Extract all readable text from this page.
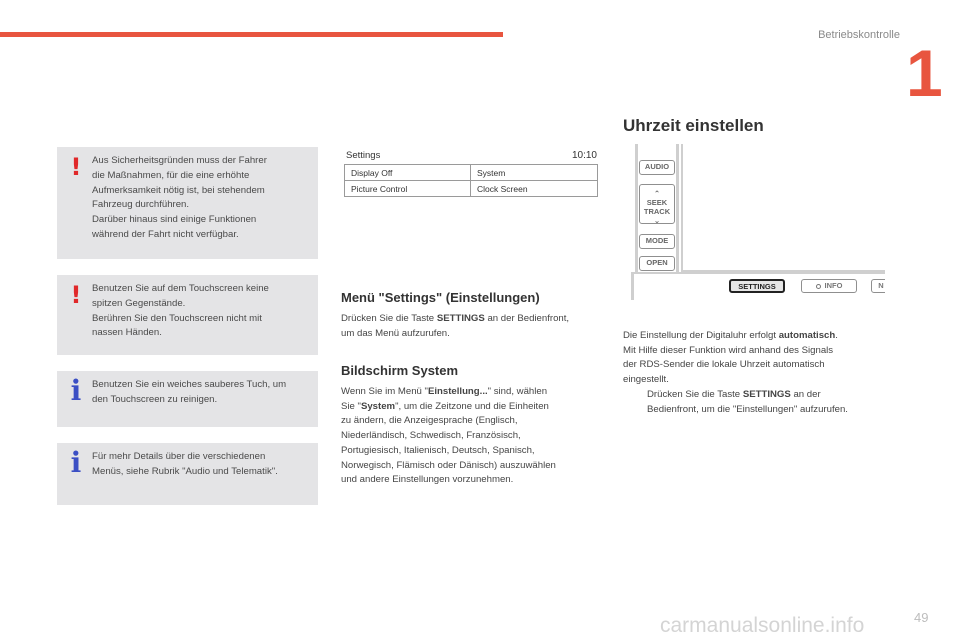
Betriebskontrolle
1
! Aus Sicherheitsgründen muss der Fahrer
die Maßnahmen, für die eine erhöhte
Aufmerksamkeit nötig ist, bei stehendem
Fahrzeug durchführen.
Darüber hinaus sind einige Funktionen
während der Fahrt nicht verfügbar.
! Benutzen Sie auf dem Touchscreen keine
spitzen Gegenstände.
Berühren Sie den Touchscreen nicht mit
nassen Händen.
i Benutzen Sie ein weiches sauberes Tuch, um
den Touchscreen zu reinigen.
i Für mehr Details über die verschiedenen
Menüs, siehe Rubrik "Audio und Telematik".
Settings	10:10
Display Off	System
Picture Control	Clock Screen
Menü "Settings" (Einstellungen)
Drücken Sie die Taste SETTINGS an der Bedienfront,
um das Menü aufzurufen.
Bildschirm System
Wenn Sie im Menü "Einstellung..." sind, wählen
Sie "System", um die Zeitzone und die Einheiten
zu ändern, die Anzeigesprache (Englisch,
Niederländisch, Schwedisch, Französisch,
Portugiesisch, Italienisch, Deutsch, Spanisch,
Norwegisch, Flämisch oder Dänisch) auszuwählen
und andere Einstellungen vorzunehmen.
Uhrzeit einstellen
AUDIO
⌃
SEEK
TRACK
⌄
MODE
OPEN
SETTINGS	INFO	N
Die Einstellung der Digitaluhr erfolgt automatisch.
Mit Hilfe dieser Funktion wird anhand des Signals
der RDS-Sender die lokale Uhrzeit automatisch
eingestellt.
Drücken Sie die Taste SETTINGS an der
Bedienfront, um die "Einstellungen" aufzurufen.
carmanualsonline.info	49
